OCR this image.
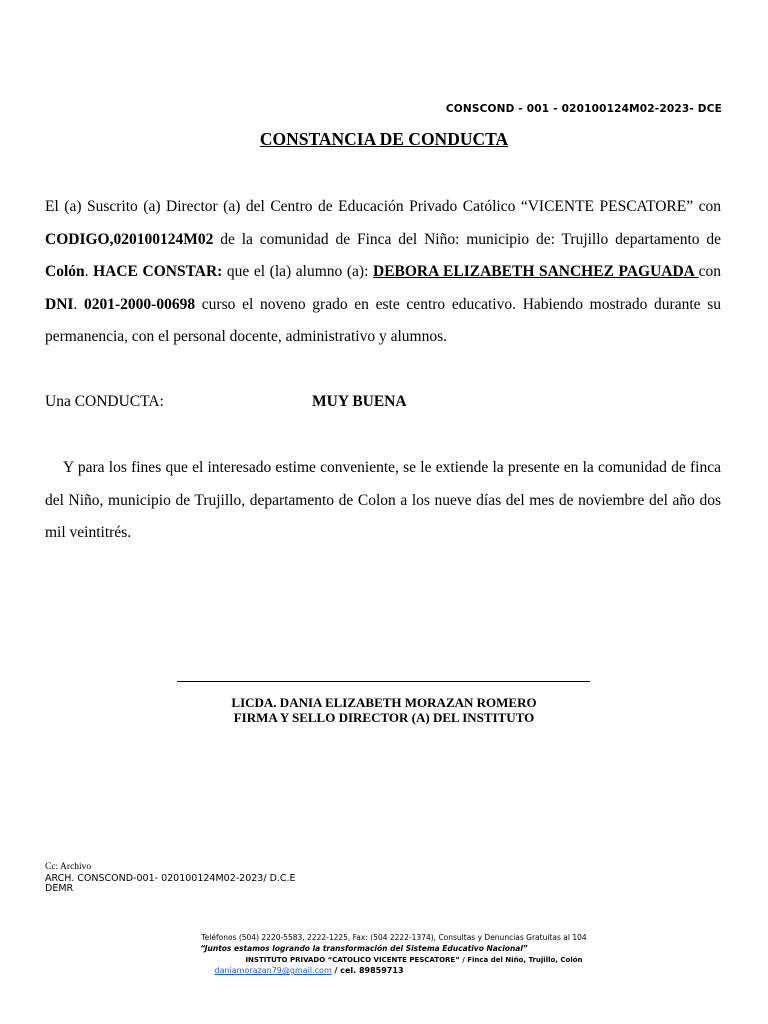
CONSCOND - 001 - 020100124M02-2023- DCE
CONSTANCIA DE CONDUCTA
El (a) Suscrito (a) Director (a) del Centro de Educación Privado Católico “VICENTE PESCATORE” con CODIGO,020100124M02 de la comunidad de Finca del Niño: municipio de: Trujillo departamento de Colón. HACE CONSTAR: que el (la) alumno (a): DEBORA ELIZABETH SANCHEZ PAGUADA con DNI. 0201-2000-00698 curso el noveno grado en este centro educativo. Habiendo mostrado durante su permanencia, con el personal docente, administrativo y alumnos.
Una CONDUCTA:	MUY BUENA
Y para los fines que el interesado estime conveniente, se le extiende la presente en la comunidad de finca del Niño, municipio de Trujillo, departamento de Colon a los nueve días del mes de noviembre del año dos mil veintitrés.
LICDA. DANIA ELIZABETH MORAZAN ROMERO
FIRMA Y SELLO DIRECTOR (A) DEL INSTITUTO
Cc: Archivo
ARCH. CONSCOND-001- 020100124M02-2023/ D.C.E
DEMR
Teléfonos (504) 2220-5583, 2222-1225, Fax: (504 2222-1374), Consultas y Denuncias Gratuitas al 104
“Juntos estamos logrando la transformación del Sistema Educativo Nacional”
INSTITUTO PRIVADO “CATOLICO VICENTE PESCATORE” / Finca del Niño, Trujillo, Colón
daniamorazan79@gmail.com / cel. 89859713
